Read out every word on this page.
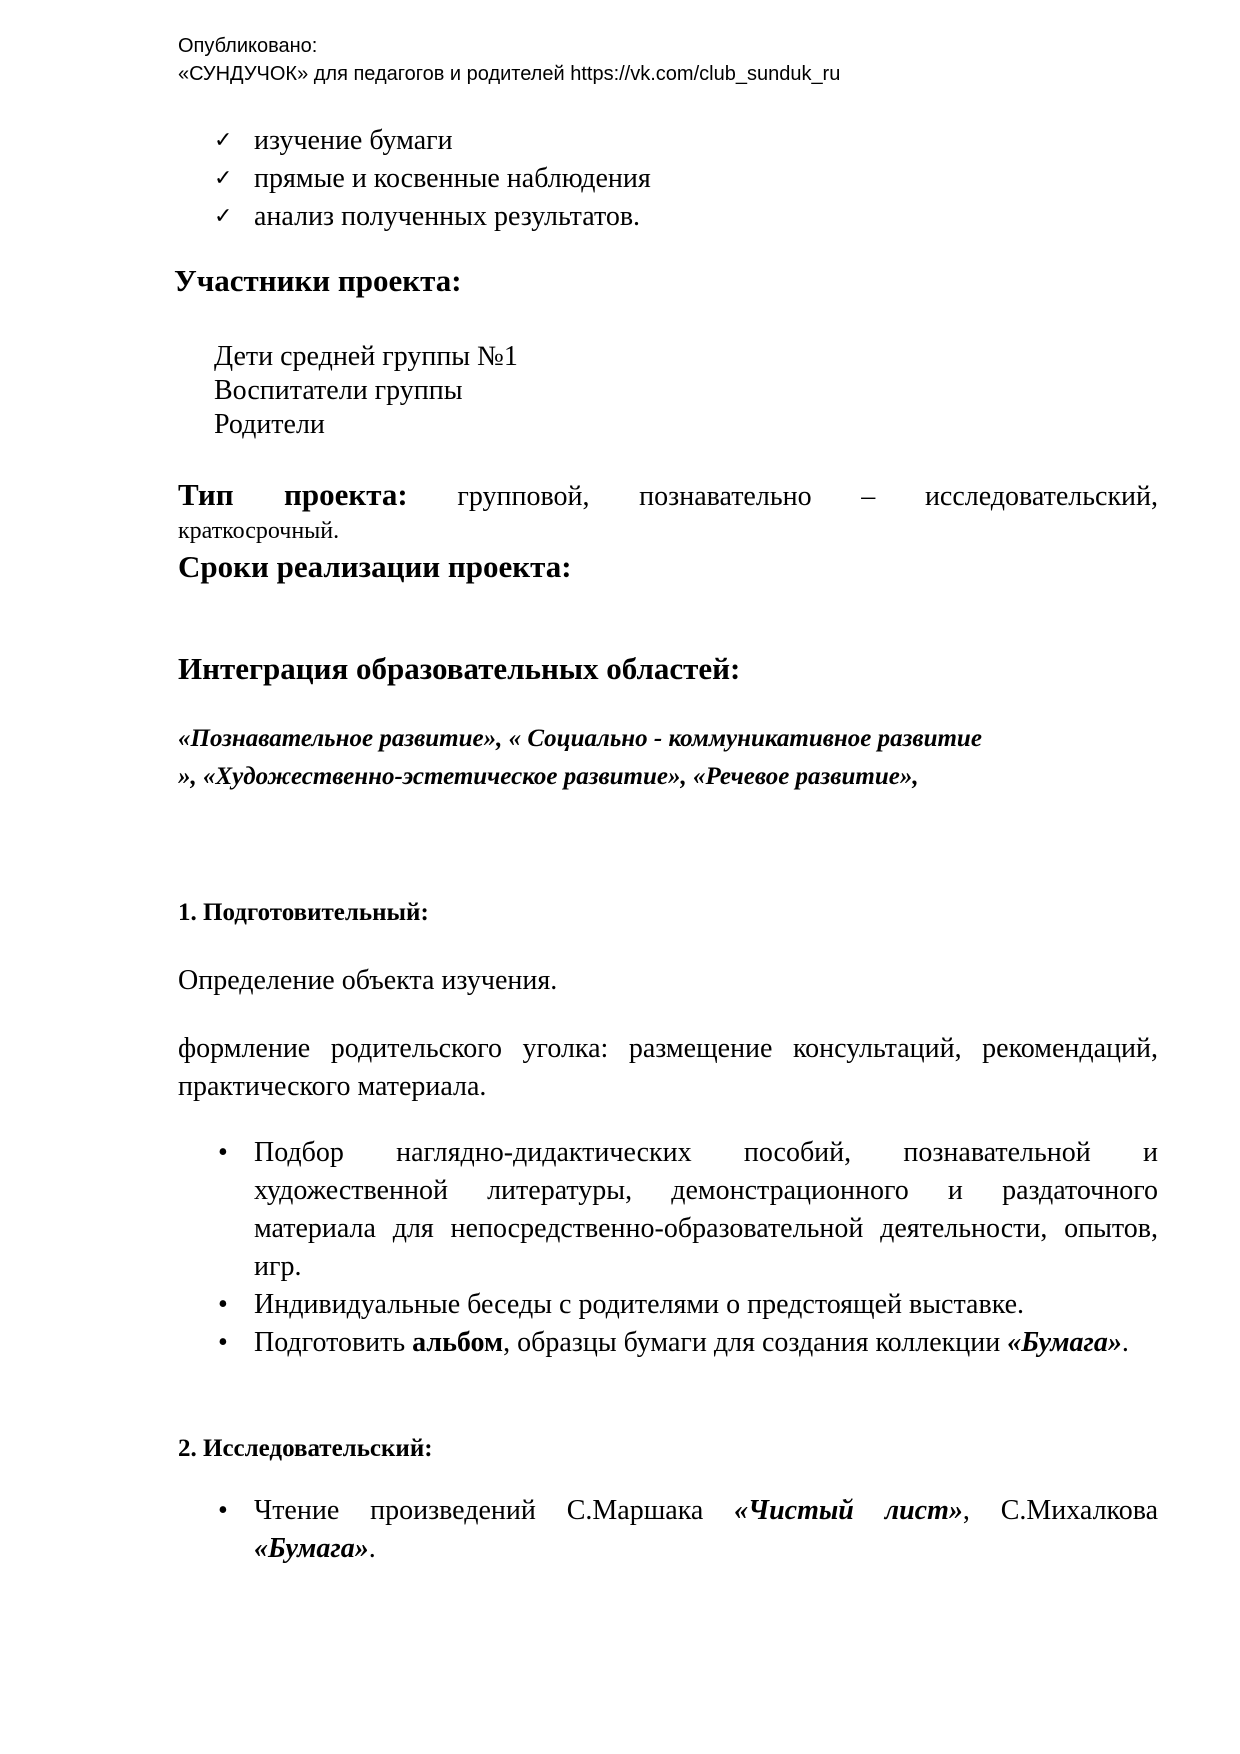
Опубликовано:
«СУНДУЧОК» для педагогов и родителей https://vk.com/club_sunduk_ru
✓ изучение бумаги
✓ прямые и косвенные наблюдения
✓ анализ полученных результатов.
Участники проекта:
Дети средней группы №1
Воспитатели группы
Родители
Тип проекта: групповой, познавательно – исследовательский,
краткосрочный.
Сроки реализации проекта:
Интеграция образовательных областей:
«Познавательное развитие», « Социально - коммуникативное развитие
», «Художественно-эстетическое развитие», «Речевое развитие»,
1. Подготовительный:
Определение объекта изучения.
формление родительского уголка: размещение консультаций, рекомендаций, практического материала.
• Подбор наглядно-дидактических пособий, познавательной и художественной литературы, демонстрационного и раздаточного материала для непосредственно-образовательной деятельности, опытов, игр.
• Индивидуальные беседы с родителями о предстоящей выставке.
• Подготовить альбом, образцы бумаги для создания коллекции «Бумага».
2. Исследовательский:
• Чтение произведений С.Маршака «Чистый лист», С.Михалкова «Бумага».
